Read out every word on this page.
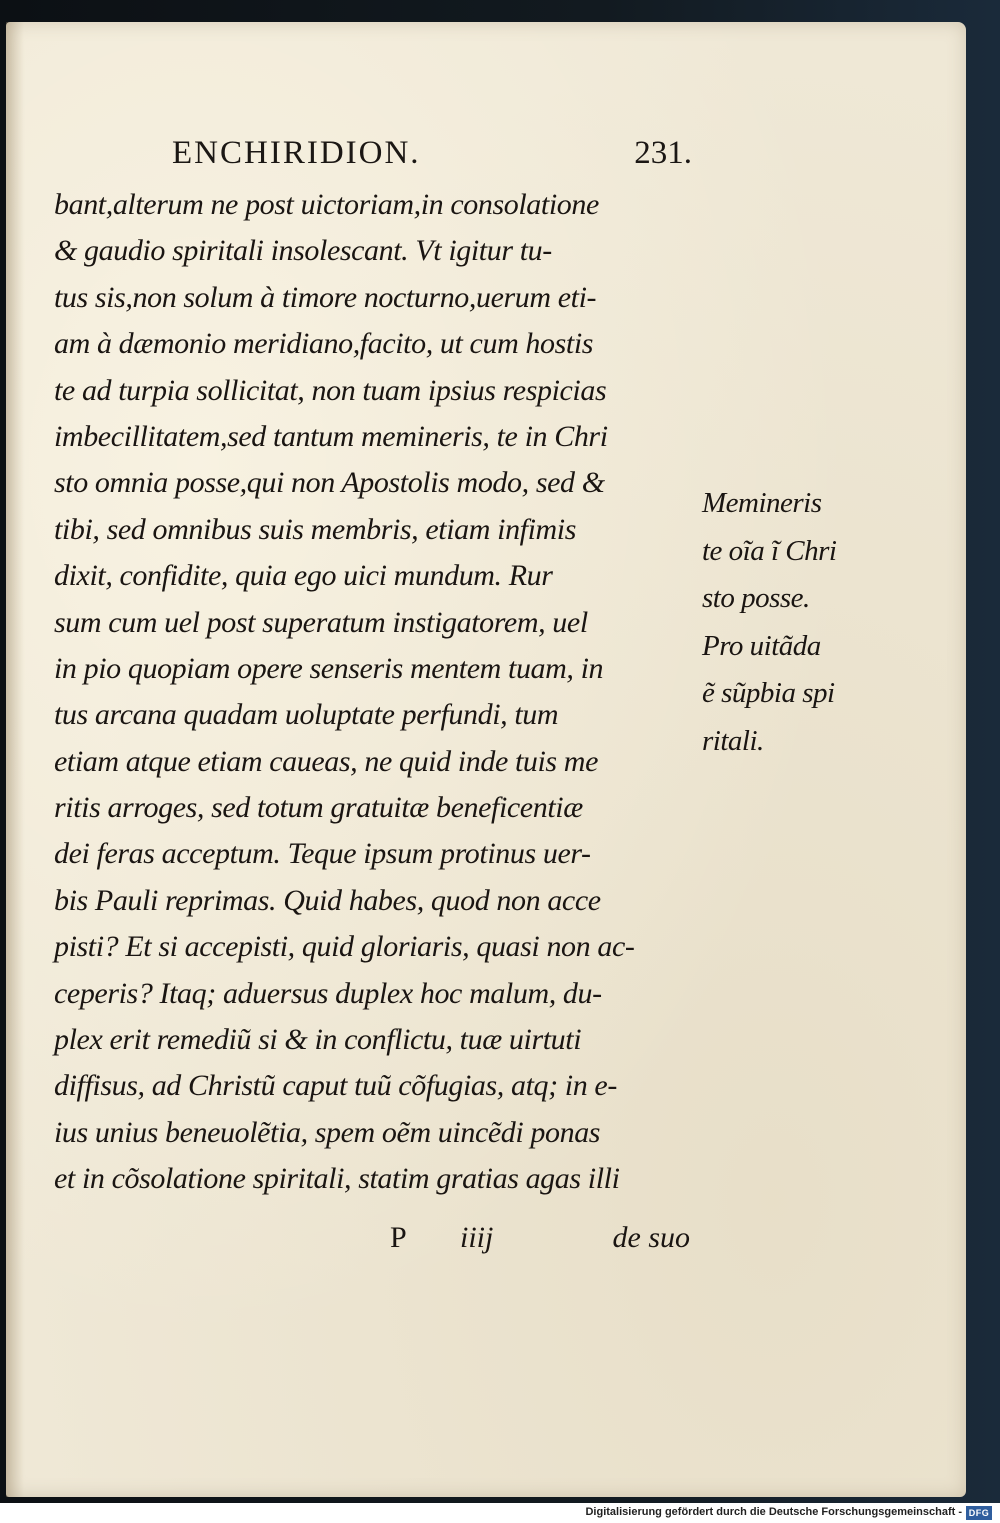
ENCHIRIDION.	231.
bant,alterum ne post uictoriam,in consolatione
& gaudio spiritali insolescant. Vt igitur tu-
tus sis,non solum à timore nocturno,uerum eti-
am à dæmonio meridiano,facito, ut cum hostis
te ad turpia sollicitat, non tuam ipsius respicias
imbecillitatem,sed tantum memineris, te in Chri
sto omnia posse,qui non Apostolis modo, sed &
tibi, sed omnibus suis membris, etiam infimis
dixit, confidite, quia ego uici mundum. Rur
sum cum uel post superatum instigatorem, uel
in pio quopiam opere senseris mentem tuam, in
tus arcana quadam uoluptate perfundi, tum
etiam atque etiam caueas, ne quid inde tuis me
ritis arroges, sed totum gratuitæ beneficentiæ
dei feras acceptum. Teque ipsum protinus uer-
bis Pauli reprimas. Quid habes, quod non acce
pisti? Et si accepisti, quid gloriaris, quasi non ac-
ceperis? Itaq; aduersus duplex hoc malum, du-
plex erit remediũ si & in conflictu, tuæ uirtuti
diffisus, ad Christũ caput tuũ cõfugias, atq; in e-
ius unius beneuolẽtia, spem oẽm uincẽdi ponas
et in cõsolatione spiritali, statim gratias agas illi
Memineris
te oĩa ĩ Chri
sto posse.
Pro uitãda
ẽ sũpbia spi
ritali.
P iiij	de suo
Digitalisierung gefördert durch die Deutsche Forschungsgemeinschaft - DFG
